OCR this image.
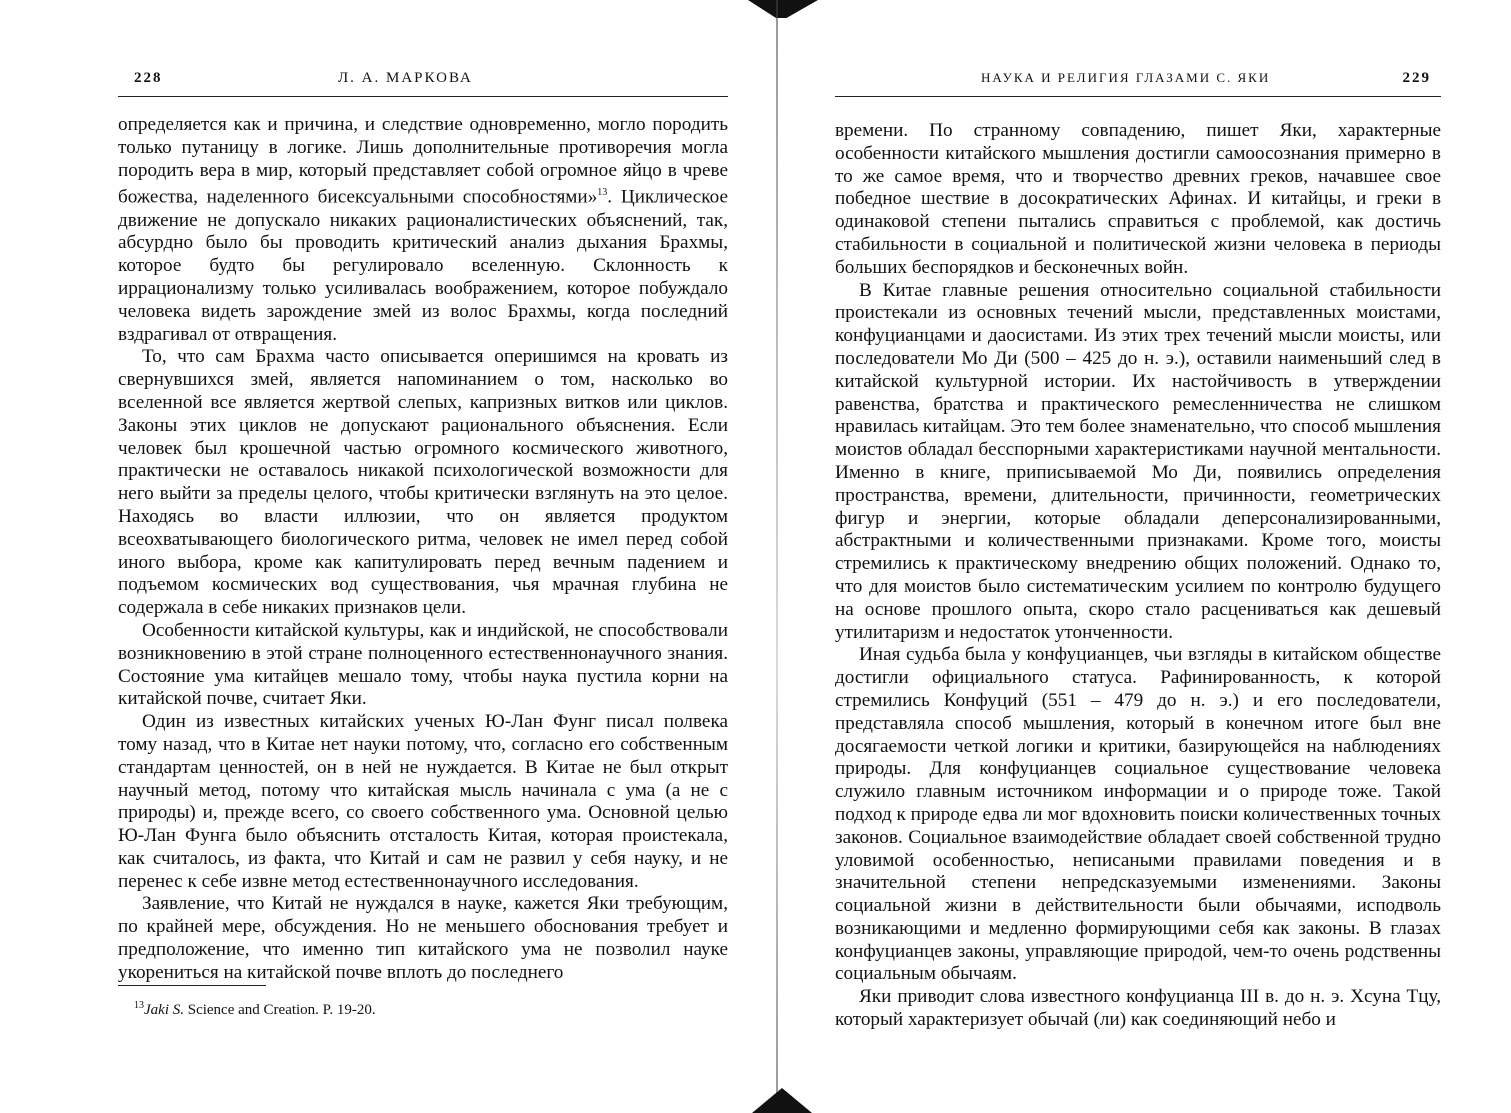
228	Л. А. МАРКОВА

определяется как и причина, и следствие одновременно, могло породить только путаницу в логике. Лишь дополнительные противоречия могла породить вера в мир, который представляет собой огромное яйцо в чреве божества, наделенного бисексуальными способностями»$^{13}$. Циклическое движение не допускало никаких рационалистических объяснений, так, абсурдно было бы проводить критический анализ дыхания Брахмы, которое будто бы регулировало вселенную. Склонность к иррационализму только усиливалась воображением, которое побуждало человека видеть зарождение змей из волос Брахмы, когда последний вздрагивал от отвращения.

То, что сам Брахма часто описывается оперишимся на кровать из свернувшихся змей, является напоминанием о том, насколько во вселенной все является жертвой слепых, капризных витков или циклов. Законы этих циклов не допускают рационального объяснения. Если человек был крошечной частью огромного космического животного, практически не оставалось никакой психологической возможности для него выйти за пределы целого, чтобы критически взглянуть на это целое. Находясь во власти иллюзии, что он является продуктом всеохватывающего биологического ритма, человек не имел перед собой иного выбора, кроме как капитулировать перед вечным падением и подъемом космических вод существования, чья мрачная глубина не содержала в себе никаких признаков цели.

Особенности китайской культуры, как и индийской, не способствовали возникновению в этой стране полноценного естественнонаучного знания. Состояние ума китайцев мешало тому, чтобы наука пустила корни на китайской почве, считает Яки.

Один из известных китайских ученых Ю-Лан Фунг писал полвека тому назад, что в Китае нет науки потому, что, согласно его собственным стандартам ценностей, он в ней не нуждается. В Китае не был открыт научный метод, потому что китайская мысль начинала с ума (а не с природы) и, прежде всего, со своего собственного ума. Основной целью Ю-Лан Фунга было объяснить отсталость Китая, которая проистекала, как считалось, из факта, что Китай и сам не развил у себя науку, и не перенес к себе извне метод естественнонаучного исследования.

Заявление, что Китай не нуждался в науке, кажется Яки требующим, по крайней мере, обсуждения. Но не меньшего обоснования требует и предположение, что именно тип китайского ума не позволил науке укорениться на китайской почве вплоть до последнего

$^{13}$Jaki S. Science and Creation. P. 19-20.
НАУКА И РЕЛИГИЯ ГЛАЗАМИ С. ЯКИ	229

времени. По странному совпадению, пишет Яки, характерные особенности китайского мышления достигли самоосознания примерно в то же самое время, что и творчество древних греков, начавшее свое победное шествие в досократических Афинах. И китайцы, и греки в одинаковой степени пытались справиться с проблемой, как достичь стабильности в социальной и политической жизни человека в периоды больших беспорядков и бесконечных войн.

В Китае главные решения относительно социальной стабильности проистекали из основных течений мысли, представленных моистами, конфуцианцами и даосистами. Из этих трех течений мысли моисты, или последователи Мо Ди (500 – 425 до н. э.), оставили наименьший след в китайской культурной истории. Их настойчивость в утверждении равенства, братства и практического ремесленничества не слишком нравилась китайцам. Это тем более знаменательно, что способ мышления моистов обладал бесспорными характеристиками научной ментальности. Именно в книге, приписываемой Мо Ди, появились определения пространства, времени, длительности, причинности, геометрических фигур и энергии, которые обладали деперсонализированными, абстрактными и количественными признаками. Кроме того, моисты стремились к практическому внедрению общих положений. Однако то, что для моистов было систематическим усилием по контролю будущего на основе прошлого опыта, скоро стало расцениваться как дешевый утилитаризм и недостаток утонченности.

Иная судьба была у конфуцианцев, чьи взгляды в китайском обществе достигли официального статуса. Рафинированность, к которой стремились Конфуций (551 – 479 до н. э.) и его последователи, представляла способ мышления, который в конечном итоге был вне досягаемости четкой логики и критики, базирующейся на наблюдениях природы. Для конфуцианцев социальное существование человека служило главным источником информации и о природе тоже. Такой подход к природе едва ли мог вдохновить поиски количественных точных законов. Социальное взаимодействие обладает своей собственной трудно уловимой особенностью, неписаными правилами поведения и в значительной степени непредсказуемыми изменениями. Законы социальной жизни в действительности были обычаями, исподволь возникающими и медленно формирующими себя как законы. В глазах конфуцианцев законы, управляющие природой, чем-то очень родственны социальным обычаям.

Яки приводит слова известного конфуцианца III в. до н. э. Хсуна Тцу, который характеризует обычай (ли) как соединяющий небо и
